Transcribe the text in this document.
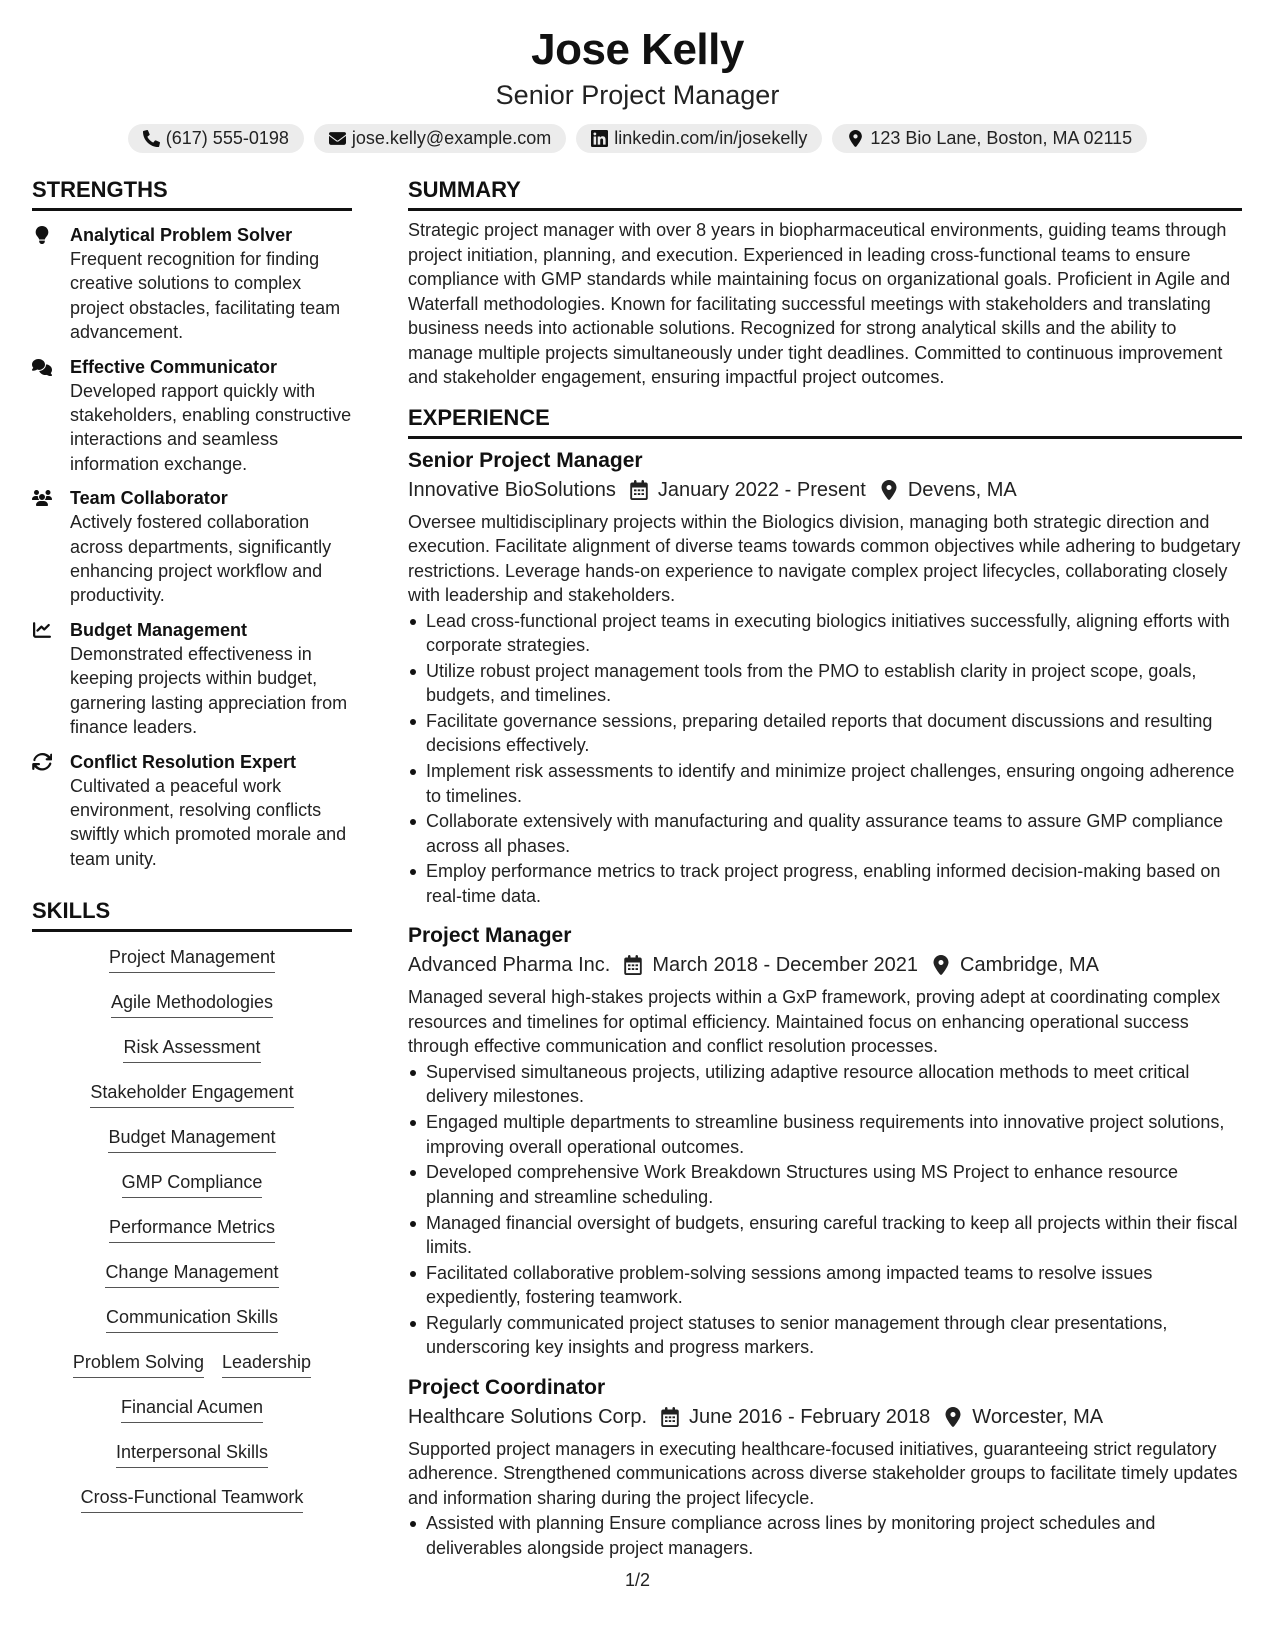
Jose Kelly
Senior Project Manager
(617) 555-0198	jose.kelly@example.com	linkedin.com/in/josekelly	123 Bio Lane, Boston, MA 02115
STRENGTHS
Analytical Problem Solver
Frequent recognition for finding creative solutions to complex project obstacles, facilitating team advancement.
Effective Communicator
Developed rapport quickly with stakeholders, enabling constructive interactions and seamless information exchange.
Team Collaborator
Actively fostered collaboration across departments, significantly enhancing project workflow and productivity.
Budget Management
Demonstrated effectiveness in keeping projects within budget, garnering lasting appreciation from finance leaders.
Conflict Resolution Expert
Cultivated a peaceful work environment, resolving conflicts swiftly which promoted morale and team unity.
SKILLS
Project Management
Agile Methodologies
Risk Assessment
Stakeholder Engagement
Budget Management
GMP Compliance
Performance Metrics
Change Management
Communication Skills
Problem Solving Leadership
Financial Acumen
Interpersonal Skills
Cross-Functional Teamwork
SUMMARY

Strategic project manager with over 8 years in biopharmaceutical environments, guiding teams through project initiation, planning, and execution. Experienced in leading cross-functional teams to ensure compliance with GMP standards while maintaining focus on organizational goals. Proficient in Agile and Waterfall methodologies. Known for facilitating successful meetings with stakeholders and translating business needs into actionable solutions. Recognized for strong analytical skills and the ability to manage multiple projects simultaneously under tight deadlines. Committed to continuous improvement and stakeholder engagement, ensuring impactful project outcomes.

EXPERIENCE
Senior Project Manager
Innovative BioSolutions January 2022 - Present Devens, MA

Oversee multidisciplinary projects within the Biologics division, managing both strategic direction and execution. Facilitate alignment of diverse teams towards common objectives while adhering to budgetary restrictions. Leverage hands-on experience to navigate complex project lifecycles, collaborating closely with leadership and stakeholders.

Lead cross-functional project teams in executing biologics initiatives successfully, aligning efforts with corporate strategies.
Utilize robust project management tools from the PMO to establish clarity in project scope, goals, budgets, and timelines.
Facilitate governance sessions, preparing detailed reports that document discussions and resulting decisions effectively.
Implement risk assessments to identify and minimize project challenges, ensuring ongoing adherence to timelines.
Collaborate extensively with manufacturing and quality assurance teams to assure GMP compliance across all phases.
Employ performance metrics to track project progress, enabling informed decision-making based on real-time data.
Project Manager
Advanced Pharma Inc. March 2018 - December 2021 Cambridge, MA

Managed several high-stakes projects within a GxP framework, proving adept at coordinating complex resources and timelines for optimal efficiency. Maintained focus on enhancing operational success through effective communication and conflict resolution processes.

Supervised simultaneous projects, utilizing adaptive resource allocation methods to meet critical delivery milestones.
Engaged multiple departments to streamline business requirements into innovative project solutions, improving overall operational outcomes.
Developed comprehensive Work Breakdown Structures using MS Project to enhance resource planning and streamline scheduling.
Managed financial oversight of budgets, ensuring careful tracking to keep all projects within their fiscal limits.
Facilitated collaborative problem-solving sessions among impacted teams to resolve issues expediently, fostering teamwork.
Regularly communicated project statuses to senior management through clear presentations, underscoring key insights and progress markers.
Project Coordinator
Healthcare Solutions Corp. June 2016 - February 2018 Worcester, MA

Supported project managers in executing healthcare-focused initiatives, guaranteeing strict regulatory adherence. Strengthened communications across diverse stakeholder groups to facilitate timely updates and information sharing during the project lifecycle.

Assisted with planning Ensure compliance across lines by monitoring project schedules and deliverables alongside project managers.
1/2
